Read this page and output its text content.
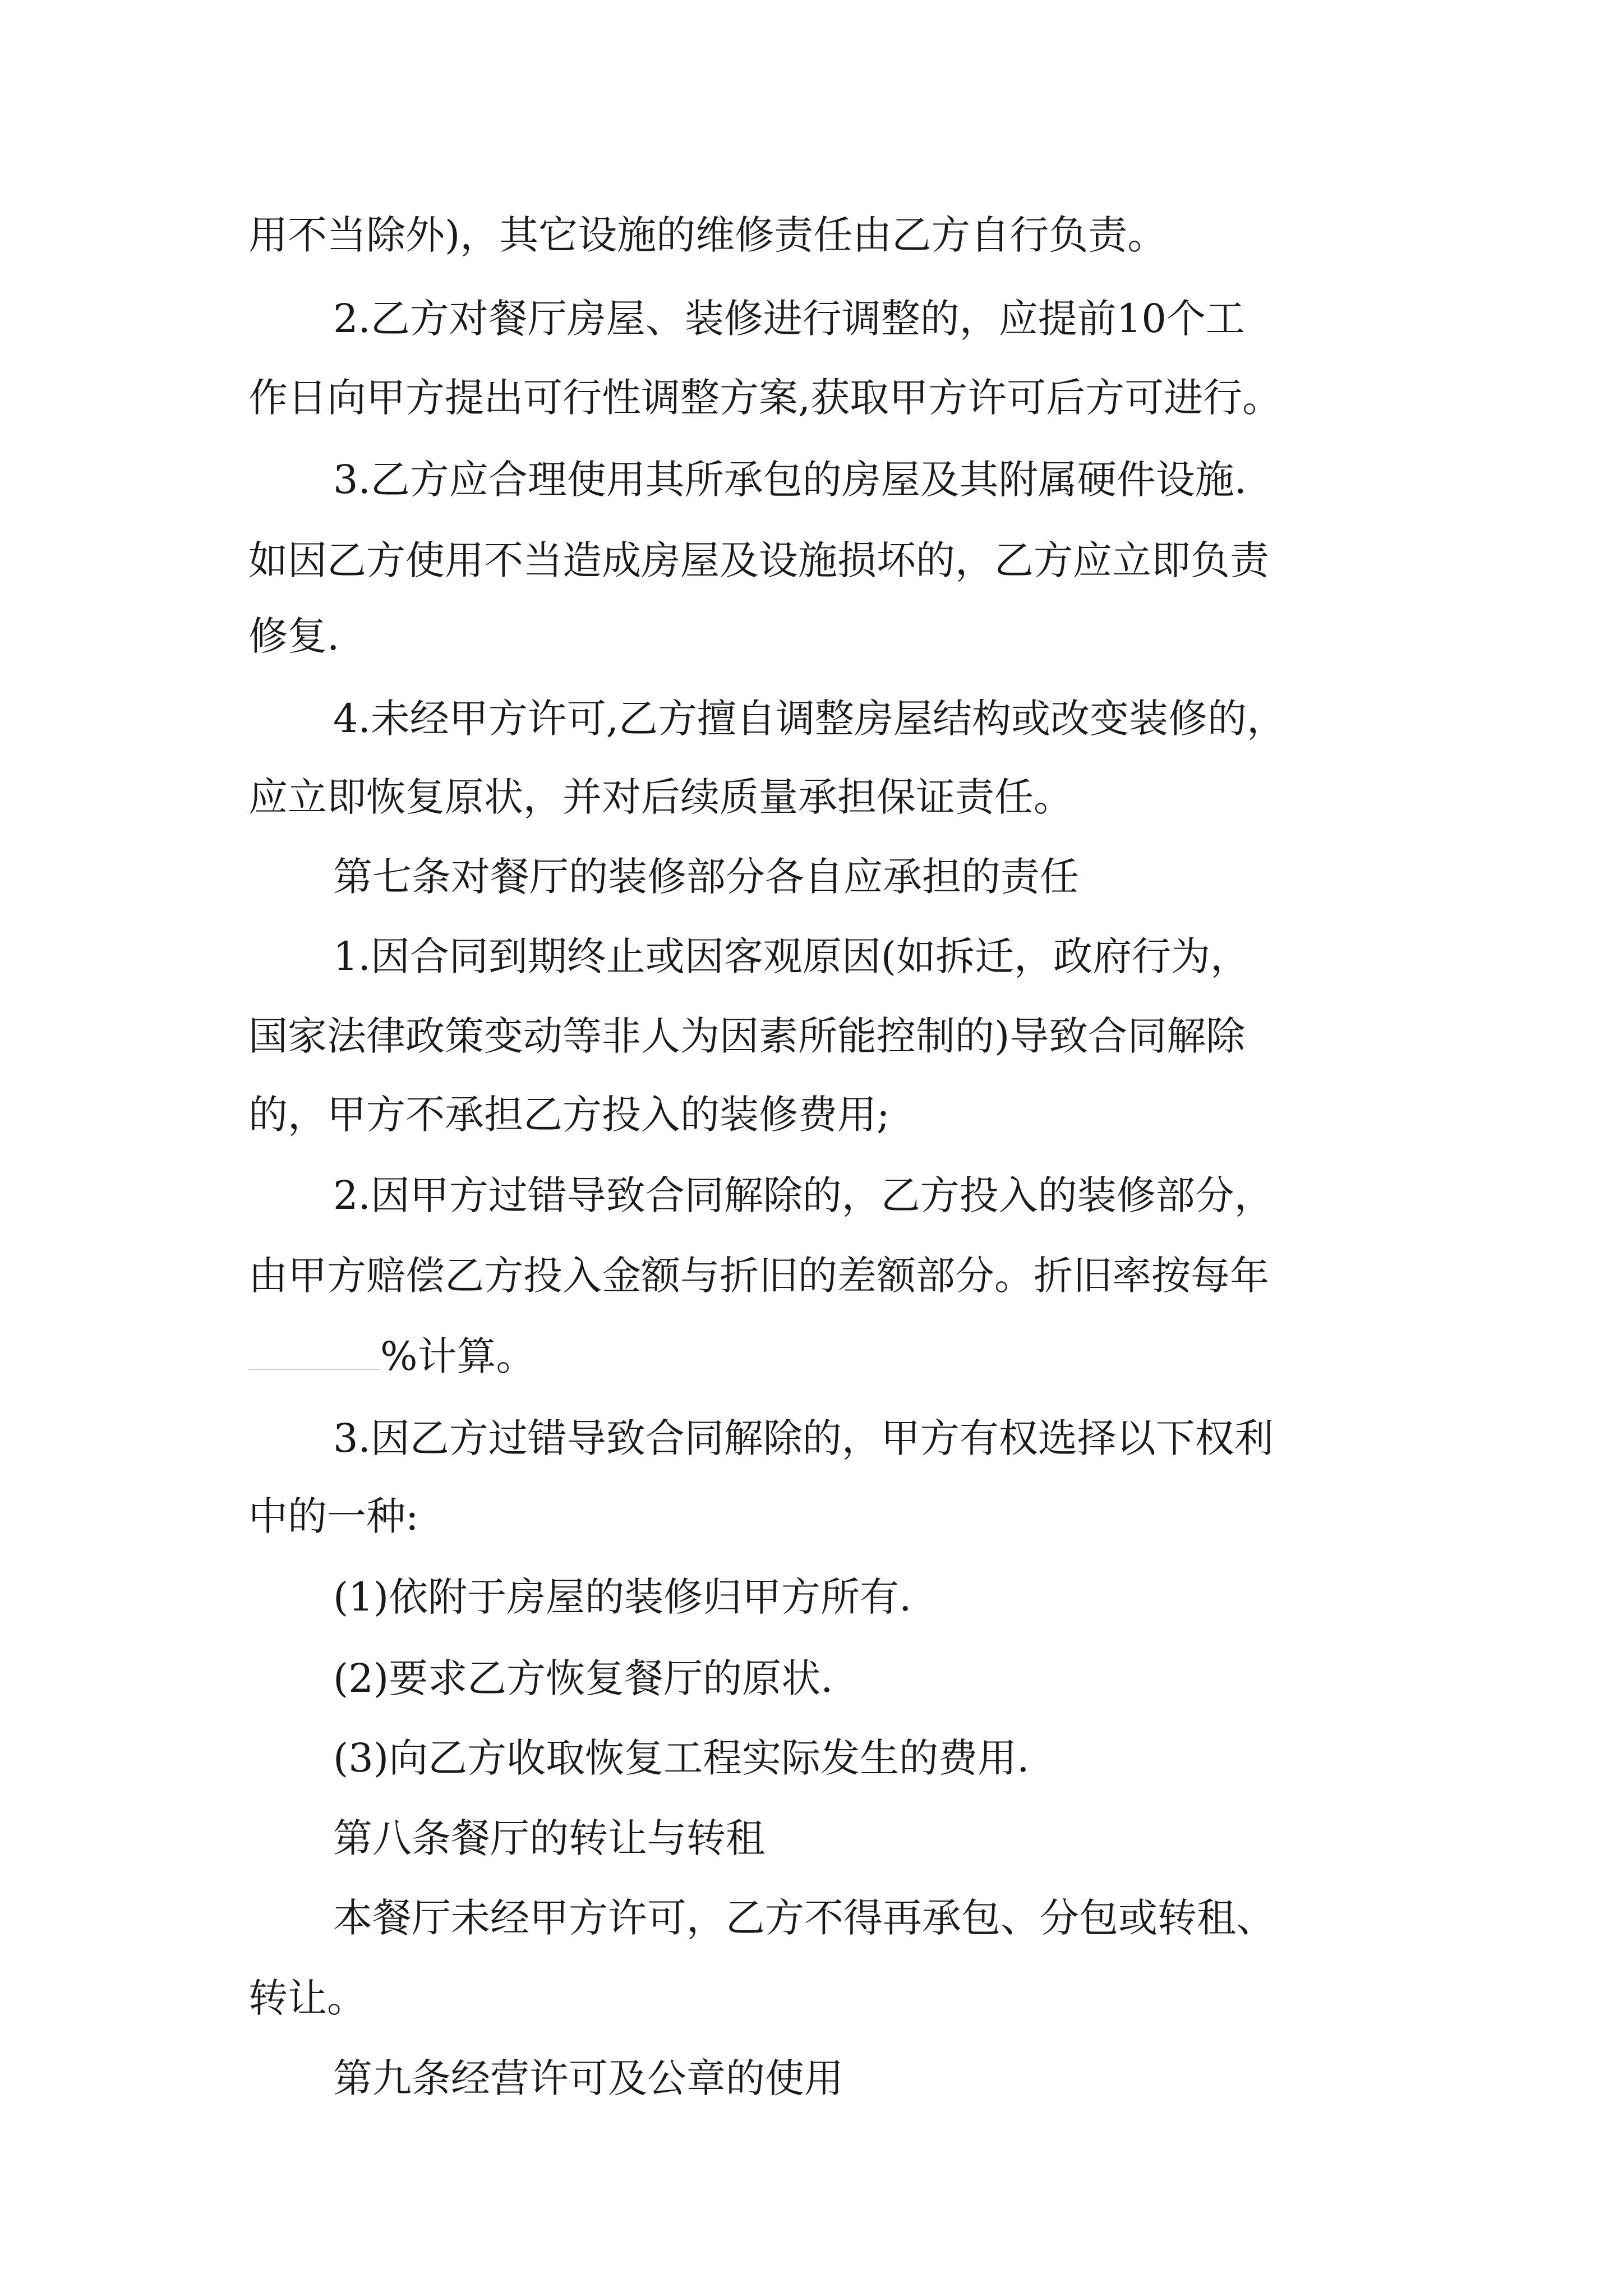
用不当除外)，其它设施的维修责任由乙方自行负责。
2.乙方对餐厅房屋、装修进行调整的，应提前10个工
作日向甲方提出可行性调整方案,获取甲方许可后方可进行。
3.乙方应合理使用其所承包的房屋及其附属硬件设施.
如因乙方使用不当造成房屋及设施损坏的，乙方应立即负责
修复.
4.未经甲方许可,乙方擅自调整房屋结构或改变装修的，
应立即恢复原状，并对后续质量承担保证责任。
第七条对餐厅的装修部分各自应承担的责任
1.因合同到期终止或因客观原因(如拆迁，政府行为，
国家法律政策变动等非人为因素所能控制的)导致合同解除
的，甲方不承担乙方投入的装修费用;
2.因甲方过错导致合同解除的，乙方投入的装修部分，
由甲方赔偿乙方投入金额与折旧的差额部分。折旧率按每年
%计算。
3.因乙方过错导致合同解除的，甲方有权选择以下权利
中的一种:
(1)依附于房屋的装修归甲方所有.
(2)要求乙方恢复餐厅的原状.
(3)向乙方收取恢复工程实际发生的费用.
第八条餐厅的转让与转租
本餐厅未经甲方许可，乙方不得再承包、分包或转租、
转让。
第九条经营许可及公章的使用
